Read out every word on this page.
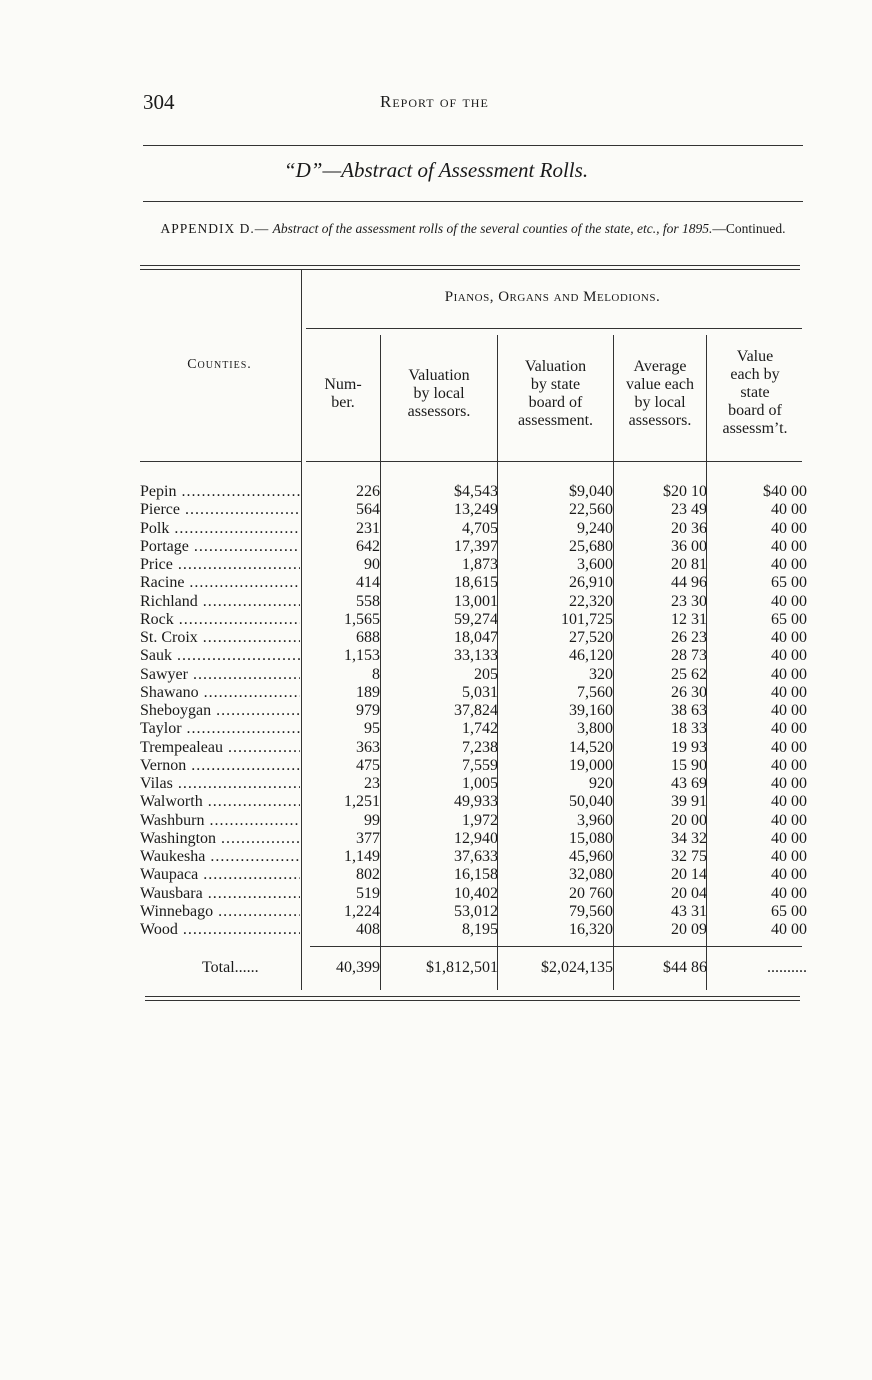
304	Report of the
“D”—Abstract of Assessment Rolls.
APPENDIX D.— Abstract of the assessment rolls of the several counties of the state, etc., for 1895.—Continued.
Pianos, Organs and Melodions.
Counties.
Num-
ber.
Valuation
by local
assessors.
Valuation
by state
board of
assessment.
Average
value each
by local
assessors.
Value
each by
state
board of
assessm’t.
Pepin .....	226	$4,543	$9,040	$20 10	$40 00
Pierce .....	564	13,249	22,560	23 49	40 00
Polk .....	231	4,705	9,240	20 36	40 00
Portage .....	642	17,397	25,680	36 00	40 00
Price .....	90	1,873	3,600	20 81	40 00
Racine .....	414	18,615	26,910	44 96	65 00
Richland .....	558	13,001	22,320	23 30	40 00
Rock .....	1,565	59,274	101,725	12 31	65 00
St. Croix .....	688	18,047	27,520	26 23	40 00
Sauk .....	1,153	33,133	46,120	28 73	40 00
Sawyer .....	8	205	320	25 62	40 00
Shawano .....	189	5,031	7,560	26 30	40 00
Sheboygan .....	979	37,824	39,160	38 63	40 00
Taylor .....	95	1,742	3,800	18 33	40 00
Trempealeau .....	363	7,238	14,520	19 93	40 00
Vernon .....	475	7,559	19,000	15 90	40 00
Vilas .....	23	1,005	920	43 69	40 00
Walworth .....	1,251	49,933	50,040	39 91	40 00
Washburn .....	99	1,972	3,960	20 00	40 00
Washington .....	377	12,940	15,080	34 32	40 00
Waukesha .....	1,149	37,633	45,960	32 75	40 00
Waupaca .....	802	16,158	32,080	20 14	40 00
Wausbara .....	519	10,402	20 760	20 04	40 00
Winnebago .....	1,224	53,012	79,560	43 31	65 00
Wood .....	408	8,195	16,320	20 09	40 00
Total......	40,399	$1,812,501	$2,024,135	$44 86	..........
